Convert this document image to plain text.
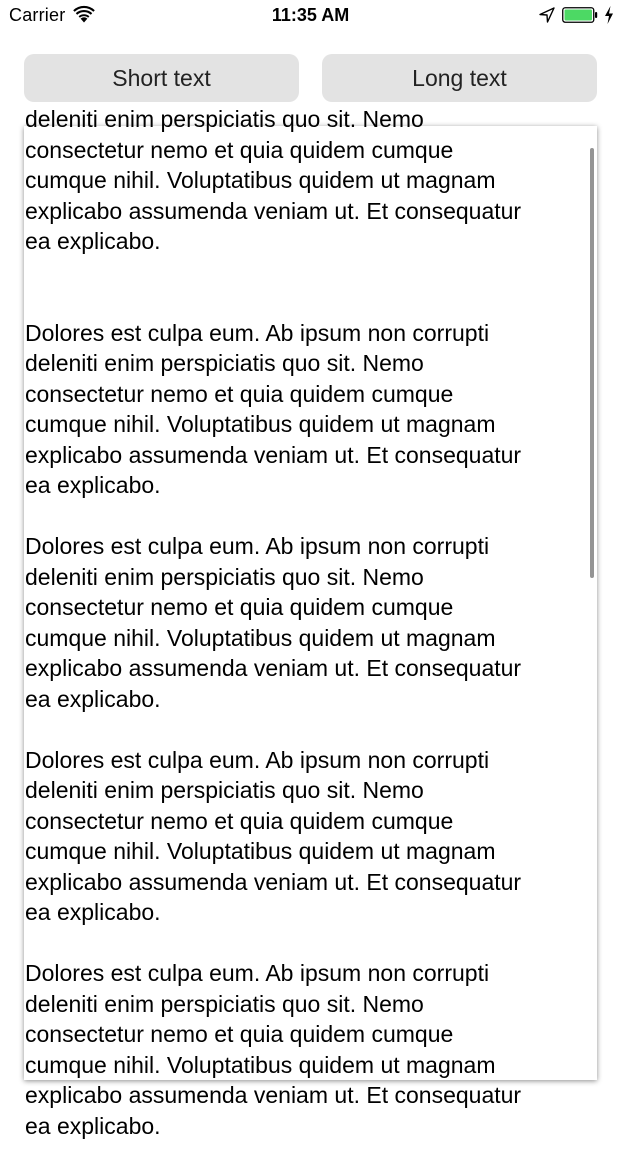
Carrier	11:35 AM
Short text	Long text

deleniti enim perspiciatis quo sit. Nemo
consectetur nemo et quia quidem cumque
cumque nihil. Voluptatibus quidem ut magnam
explicabo assumenda veniam ut. Et consequatur
ea explicabo.

Dolores est culpa eum. Ab ipsum non corrupti
deleniti enim perspiciatis quo sit. Nemo
consectetur nemo et quia quidem cumque
cumque nihil. Voluptatibus quidem ut magnam
explicabo assumenda veniam ut. Et consequatur
ea explicabo.

Dolores est culpa eum. Ab ipsum non corrupti
deleniti enim perspiciatis quo sit. Nemo
consectetur nemo et quia quidem cumque
cumque nihil. Voluptatibus quidem ut magnam
explicabo assumenda veniam ut. Et consequatur
ea explicabo.

Dolores est culpa eum. Ab ipsum non corrupti
deleniti enim perspiciatis quo sit. Nemo
consectetur nemo et quia quidem cumque
cumque nihil. Voluptatibus quidem ut magnam
explicabo assumenda veniam ut. Et consequatur
ea explicabo.

Dolores est culpa eum. Ab ipsum non corrupti
deleniti enim perspiciatis quo sit. Nemo
consectetur nemo et quia quidem cumque
cumque nihil. Voluptatibus quidem ut magnam
explicabo assumenda veniam ut. Et consequatur
ea explicabo.
